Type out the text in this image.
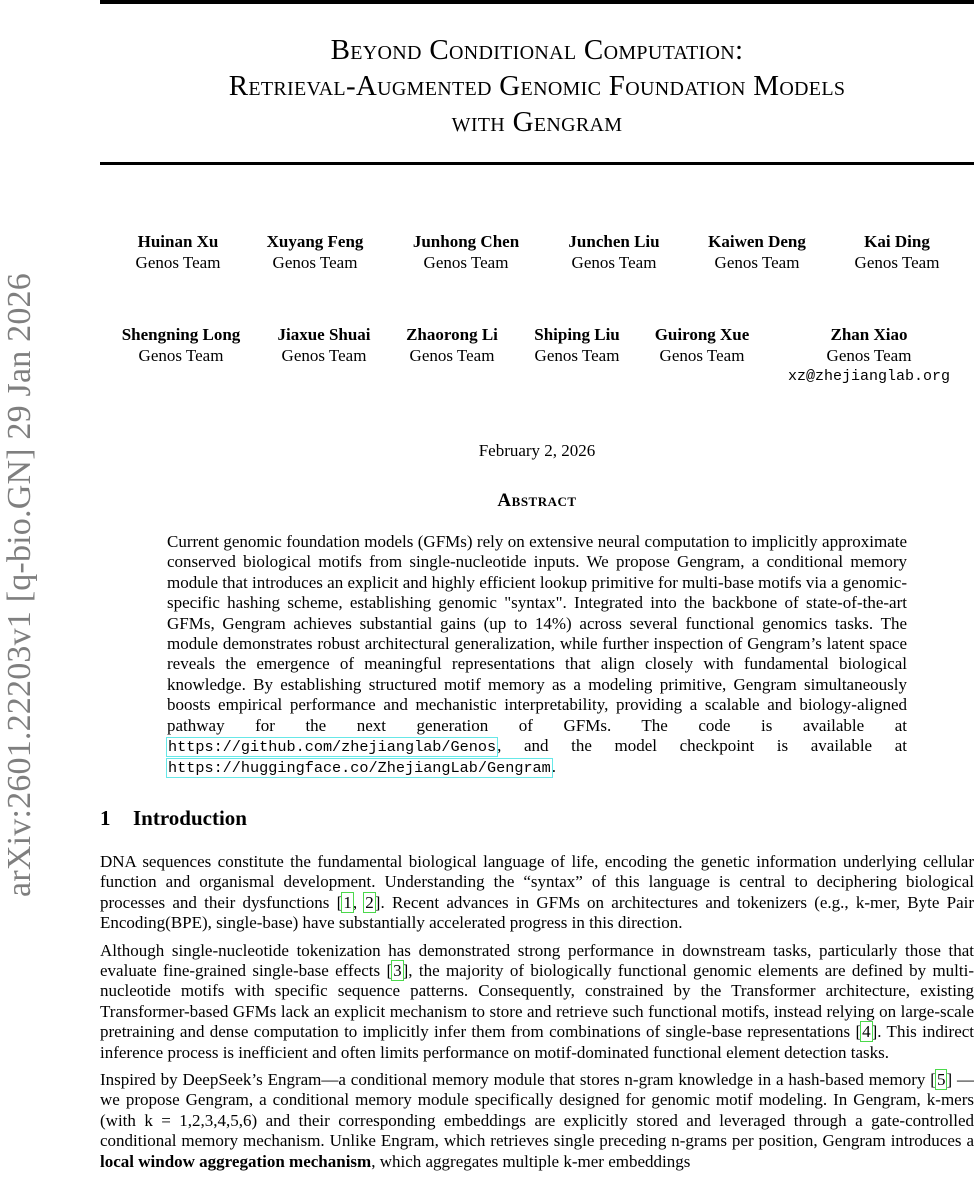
Beyond Conditional Computation:
Retrieval-Augmented Genomic Foundation Models
with Gengram
arXiv:2601.22203v1 [q-bio.GN] 29 Jan 2026
Huinan Xu
Genos Team
Xuyang Feng
Genos Team
Junhong Chen
Genos Team
Junchen Liu
Genos Team
Kaiwen Deng
Genos Team
Kai Ding
Genos Team
Shengning Long
Genos Team
Jiaxue Shuai
Genos Team
Zhaorong Li
Genos Team
Shiping Liu
Genos Team
Guirong Xue
Genos Team
Zhan Xiao
Genos Team
xz@zhejianglab.org
February 2, 2026
Abstract

Current genomic foundation models (GFMs) rely on extensive neural computation to implicitly approximate conserved biological motifs from single-nucleotide inputs. We propose Gengram, a conditional memory module that introduces an explicit and highly efficient lookup primitive for multi-base motifs via a genomic-specific hashing scheme, establishing genomic "syntax". Integrated into the backbone of state-of-the-art GFMs, Gengram achieves substantial gains (up to 14%) across several functional genomics tasks. The module demonstrates robust architectural generalization, while further inspection of Gengram’s latent space reveals the emergence of meaningful representations that align closely with fundamental biological knowledge. By establishing structured motif memory as a modeling primitive, Gengram simultaneously boosts empirical performance and mechanistic interpretability, providing a scalable and biology-aligned pathway for the next generation of GFMs. The code is available at https://github.com/zhejianglab/Genos, and the model checkpoint is available at https://huggingface.co/ZhejiangLab/Gengram.

1 Introduction

DNA sequences constitute the fundamental biological language of life, encoding the genetic information underlying cellular function and organismal development. Understanding the “syntax” of this language is central to deciphering biological processes and their dysfunctions [1, 2]. Recent advances in GFMs on architectures and tokenizers (e.g., k-mer, Byte Pair Encoding(BPE), single-base) have substantially accelerated progress in this direction.

Although single-nucleotide tokenization has demonstrated strong performance in downstream tasks, particularly those that evaluate fine-grained single-base effects [3], the majority of biologically functional genomic elements are defined by multi-nucleotide motifs with specific sequence patterns. Consequently, constrained by the Transformer architecture, existing Transformer-based GFMs lack an explicit mechanism to store and retrieve such functional motifs, instead relying on large-scale pretraining and dense computation to implicitly infer them from combinations of single-base representations [4]. This indirect inference process is inefficient and often limits performance on motif-dominated functional element detection tasks.

Inspired by DeepSeek’s Engram—a conditional memory module that stores n-gram knowledge in a hash-based memory [5] — we propose Gengram, a conditional memory module specifically designed for genomic motif modeling. In Gengram, k-mers (with k = 1,2,3,4,5,6) and their corresponding embeddings are explicitly stored and leveraged through a gate-controlled conditional memory mechanism. Unlike Engram, which retrieves single preceding n-grams per position, Gengram introduces a local window aggregation mechanism, which aggregates multiple k-mer embeddings
